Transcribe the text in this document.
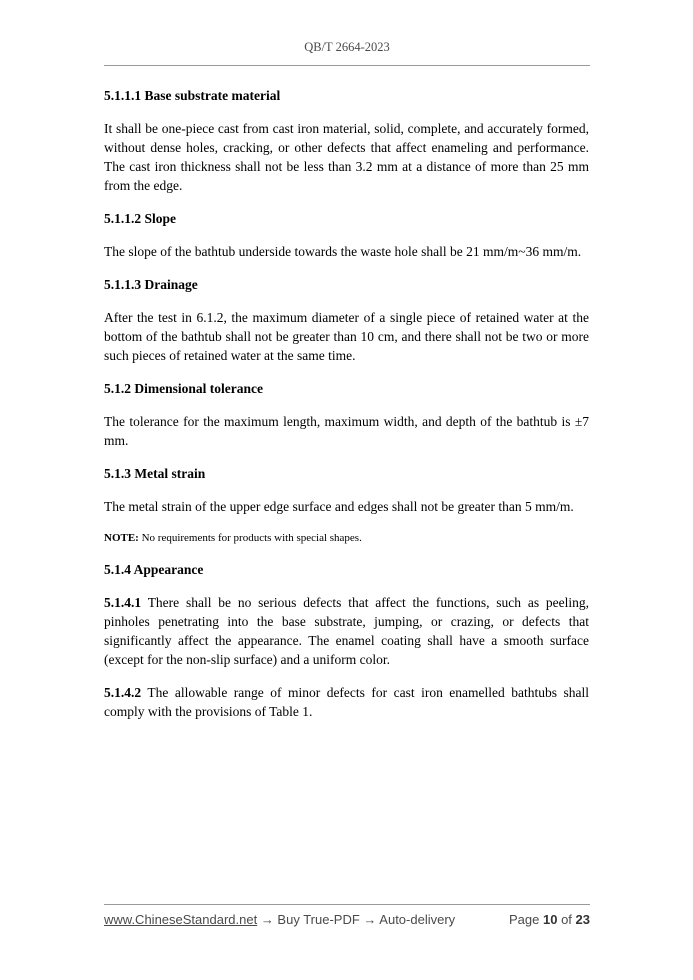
QB/T 2664-2023
5.1.1.1 Base substrate material
It shall be one-piece cast from cast iron material, solid, complete, and accurately formed, without dense holes, cracking, or other defects that affect enameling and performance. The cast iron thickness shall not be less than 3.2 mm at a distance of more than 25 mm from the edge.
5.1.1.2 Slope
The slope of the bathtub underside towards the waste hole shall be 21 mm/m~36 mm/m.
5.1.1.3 Drainage
After the test in 6.1.2, the maximum diameter of a single piece of retained water at the bottom of the bathtub shall not be greater than 10 cm, and there shall not be two or more such pieces of retained water at the same time.
5.1.2 Dimensional tolerance
The tolerance for the maximum length, maximum width, and depth of the bathtub is ±7 mm.
5.1.3 Metal strain
The metal strain of the upper edge surface and edges shall not be greater than 5 mm/m.
NOTE: No requirements for products with special shapes.
5.1.4 Appearance
5.1.4.1 There shall be no serious defects that affect the functions, such as peeling, pinholes penetrating into the base substrate, jumping, or crazing, or defects that significantly affect the appearance. The enamel coating shall have a smooth surface (except for the non-slip surface) and a uniform color.
5.1.4.2 The allowable range of minor defects for cast iron enamelled bathtubs shall comply with the provisions of Table 1.
www.ChineseStandard.net → Buy True-PDF → Auto-delivery	Page 10 of 23
